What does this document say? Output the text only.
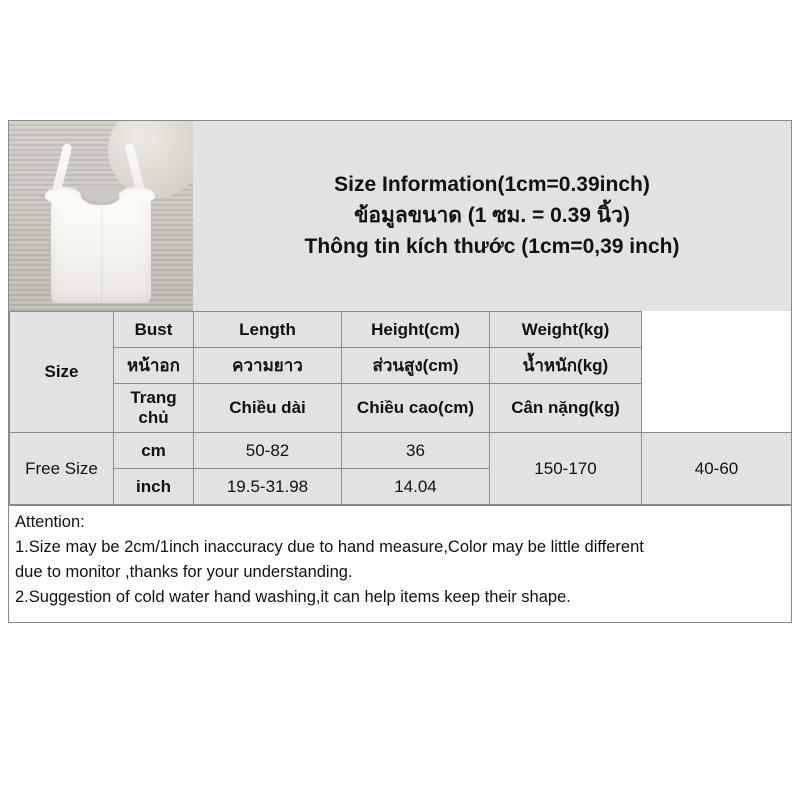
Size Information(1cm=0.39inch)
ข้อมูลขนาด (1 ซม. = 0.39 นิ้ว)
Thông tin kích thước (1cm=0,39 inch)
Size	Bust	Length	Height(cm)	Weight(kg)	
	หน้าอก	ความยาว	ส่วนสูง(cm)	น้ำหนัก(kg)	
	Trang chủ	Chiều dài	Chiều cao(cm)	Cân nặng(kg)	
Free Size	cm	50-82	36	150-170	40-60
	inch	19.5-31.98	14.04		

Attention:

1.Size may be 2cm/1inch inaccuracy due to hand measure,Color may be little different

due to monitor ,thanks for your understanding.

2.Suggestion of cold water hand washing,it can help items keep their shape.
